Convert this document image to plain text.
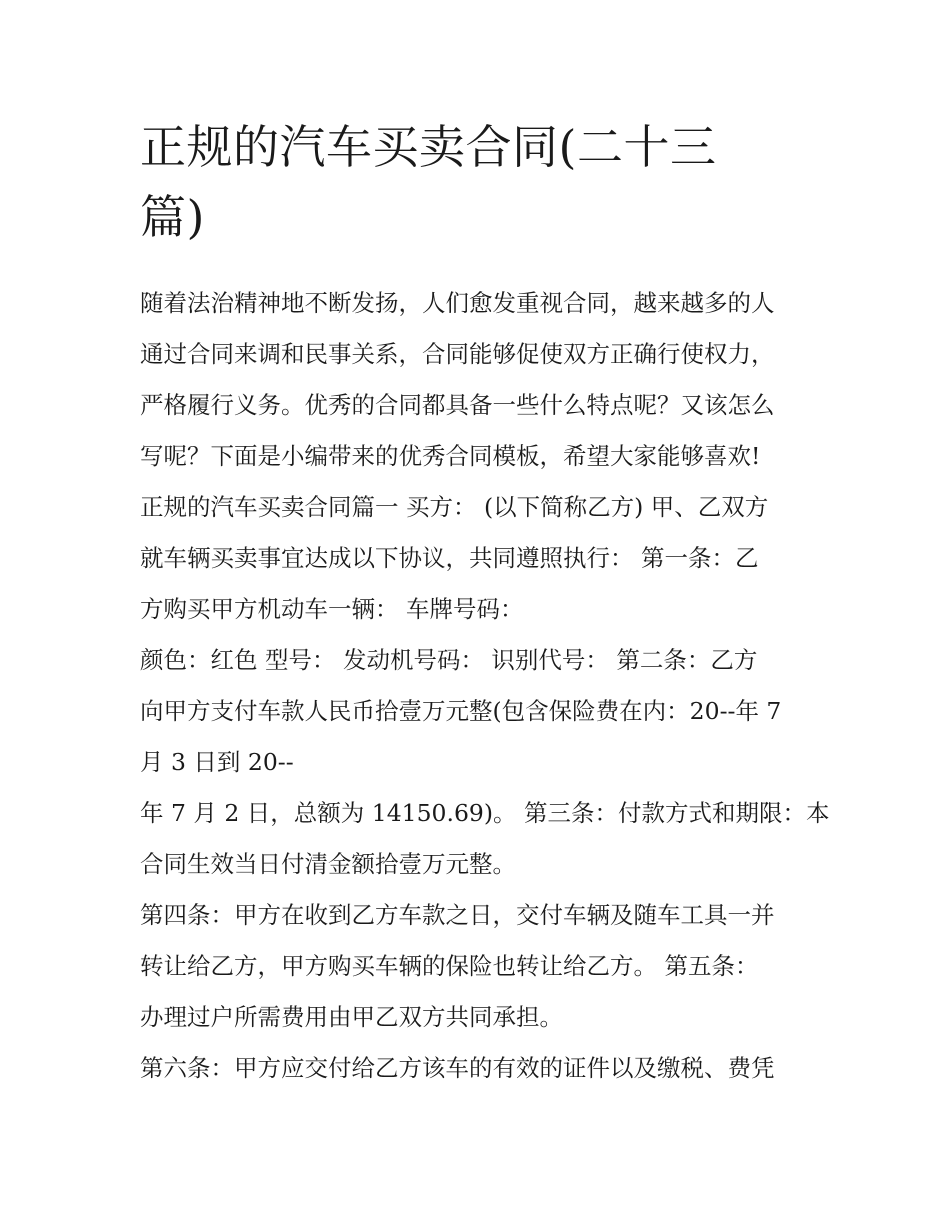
正规的汽车买卖合同(二十三
篇)
随着法治精神地不断发扬，人们愈发重视合同，越来越多的人
通过合同来调和民事关系，合同能够促使双方正确行使权力，
严格履行义务。优秀的合同都具备一些什么特点呢？又该怎么
写呢？下面是小编带来的优秀合同模板，希望大家能够喜欢!
正规的汽车买卖合同篇一 买方： (以下简称乙方) 甲、乙双方
就车辆买卖事宜达成以下协议，共同遵照执行： 第一条：乙
方购买甲方机动车一辆： 车牌号码：
颜色：红色 型号： 发动机号码： 识别代号： 第二条：乙方
向甲方支付车款人民币拾壹万元整(包含保险费在内：20--年 7
月 3 日到 20--
年 7 月 2 日，总额为 14150.69)。 第三条：付款方式和期限：本
合同生效当日付清金额拾壹万元整。
第四条：甲方在收到乙方车款之日，交付车辆及随车工具一并
转让给乙方，甲方购买车辆的保险也转让给乙方。 第五条：
办理过户所需费用由甲乙双方共同承担。
第六条：甲方应交付给乙方该车的有效的证件以及缴税、费凭
